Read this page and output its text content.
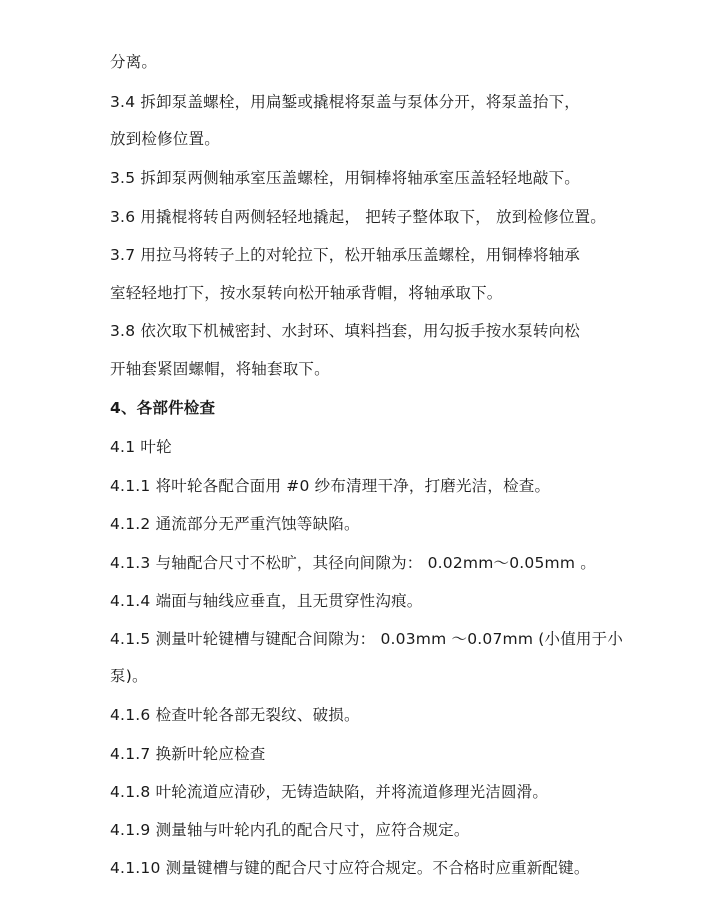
分离。
3.4 拆卸泵盖螺栓，用扁錾或撬棍将泵盖与泵体分开，将泵盖抬下，
放到检修位置。
3.5 拆卸泵两侧轴承室压盖螺栓，用铜棒将轴承室压盖轻轻地敲下。
3.6 用撬棍将转自两侧轻轻地撬起， 把转子整体取下， 放到检修位置。
3.7 用拉马将转子上的对轮拉下，松开轴承压盖螺栓，用铜棒将轴承
室轻轻地打下，按水泵转向松开轴承背帽，将轴承取下。
3.8 依次取下机械密封、水封环、填料挡套，用勾扳手按水泵转向松
开轴套紧固螺帽，将轴套取下。
4、各部件检查
4.1 叶轮
4.1.1 将叶轮各配合面用 #0 纱布清理干净，打磨光洁，检查。
4.1.2 通流部分无严重汽蚀等缺陷。
4.1.3 与轴配合尺寸不松旷，其径向间隙为： 0.02mm～0.05mm 。
4.1.4 端面与轴线应垂直，且无贯穿性沟痕。
4.1.5 测量叶轮键槽与键配合间隙为： 0.03mm ～0.07mm (小值用于小
泵)。
4.1.6 检查叶轮各部无裂纹、破损。
4.1.7 换新叶轮应检查
4.1.8 叶轮流道应清砂，无铸造缺陷，并将流道修理光洁圆滑。
4.1.9 测量轴与叶轮内孔的配合尺寸，应符合规定。
4.1.10 测量键槽与键的配合尺寸应符合规定。不合格时应重新配键。
